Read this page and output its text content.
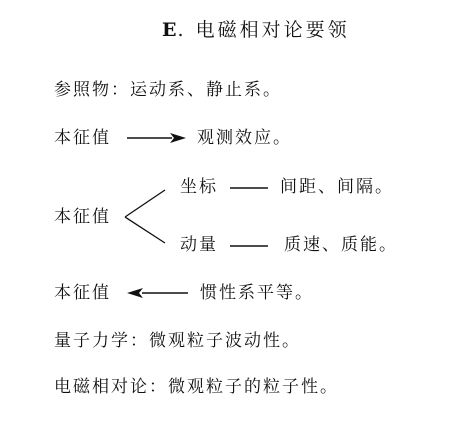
E. 电磁相对论要领
参照物：运动系、静止系。
本征值	观测效应。
坐标	间距、间隔。
本征值
动量	质速、质能。
本征值	惯性系平等。
量子力学：微观粒子波动性。
电磁相对论：微观粒子的粒子性。
